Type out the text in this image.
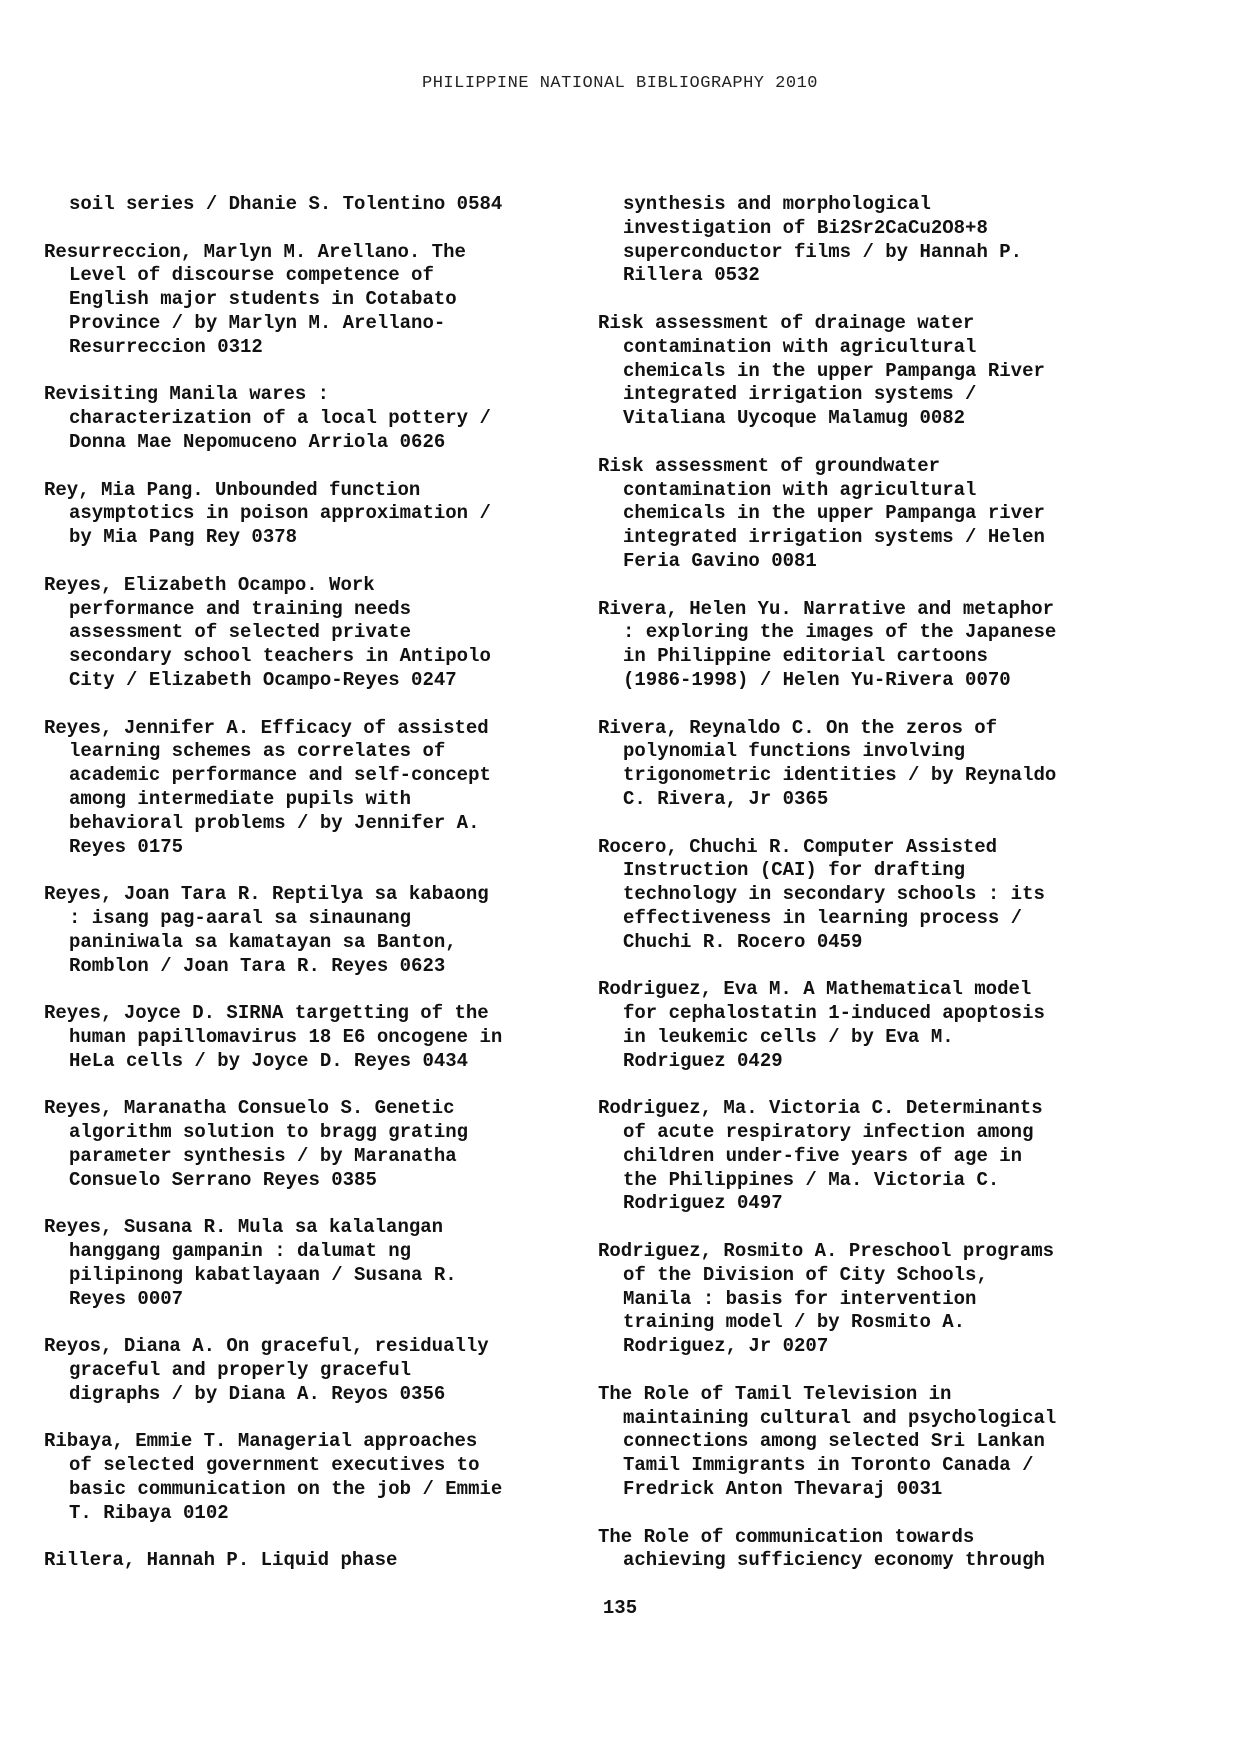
PHILIPPINE NATIONAL BIBLIOGRAPHY 2010

soil series / Dhanie S. Tolentino 0584

Resurreccion, Marlyn M. Arellano. The
Level of discourse competence of
English major students in Cotabato
Province / by Marlyn M. Arellano-
Resurreccion 0312

Revisiting Manila wares :
characterization of a local pottery /
Donna Mae Nepomuceno Arriola 0626

Rey, Mia Pang. Unbounded function
asymptotics in poison approximation /
by Mia Pang Rey 0378

Reyes, Elizabeth Ocampo. Work
performance and training needs
assessment of selected private
secondary school teachers in Antipolo
City / Elizabeth Ocampo-Reyes 0247

Reyes, Jennifer A. Efficacy of assisted
learning schemes as correlates of
academic performance and self-concept
among intermediate pupils with
behavioral problems / by Jennifer A.
Reyes 0175

Reyes, Joan Tara R. Reptilya sa kabaong
: isang pag-aaral sa sinaunang
paniniwala sa kamatayan sa Banton,
Romblon / Joan Tara R. Reyes 0623

Reyes, Joyce D. SIRNA targetting of the
human papillomavirus 18 E6 oncogene in
HeLa cells / by Joyce D. Reyes 0434

Reyes, Maranatha Consuelo S. Genetic
algorithm solution to bragg grating
parameter synthesis / by Maranatha
Consuelo Serrano Reyes 0385

Reyes, Susana R. Mula sa kalalangan
hanggang gampanin : dalumat ng
pilipinong kabatlayaan / Susana R.
Reyes 0007

Reyos, Diana A. On graceful, residually
graceful and properly graceful
digraphs / by Diana A. Reyos 0356

Ribaya, Emmie T. Managerial approaches
of selected government executives to
basic communication on the job / Emmie
T. Ribaya 0102

Rillera, Hannah P. Liquid phase

synthesis and morphological
investigation of Bi2Sr2CaCu2O8+8
superconductor films / by Hannah P.
Rillera 0532

Risk assessment of drainage water
contamination with agricultural
chemicals in the upper Pampanga River
integrated irrigation systems /
Vitaliana Uycoque Malamug 0082

Risk assessment of groundwater
contamination with agricultural
chemicals in the upper Pampanga river
integrated irrigation systems / Helen
Feria Gavino 0081

Rivera, Helen Yu. Narrative and metaphor
: exploring the images of the Japanese
in Philippine editorial cartoons
(1986-1998) / Helen Yu-Rivera 0070

Rivera, Reynaldo C. On the zeros of
polynomial functions involving
trigonometric identities / by Reynaldo
C. Rivera, Jr 0365

Rocero, Chuchi R. Computer Assisted
Instruction (CAI) for drafting
technology in secondary schools : its
effectiveness in learning process /
Chuchi R. Rocero 0459

Rodriguez, Eva M. A Mathematical model
for cephalostatin 1-induced apoptosis
in leukemic cells / by Eva M.
Rodriguez 0429

Rodriguez, Ma. Victoria C. Determinants
of acute respiratory infection among
children under-five years of age in
the Philippines / Ma. Victoria C.
Rodriguez 0497

Rodriguez, Rosmito A. Preschool programs
of the Division of City Schools,
Manila : basis for intervention
training model / by Rosmito A.
Rodriguez, Jr 0207

The Role of Tamil Television in
maintaining cultural and psychological
connections among selected Sri Lankan
Tamil Immigrants in Toronto Canada /
Fredrick Anton Thevaraj 0031

The Role of communication towards
achieving sufficiency economy through

135
